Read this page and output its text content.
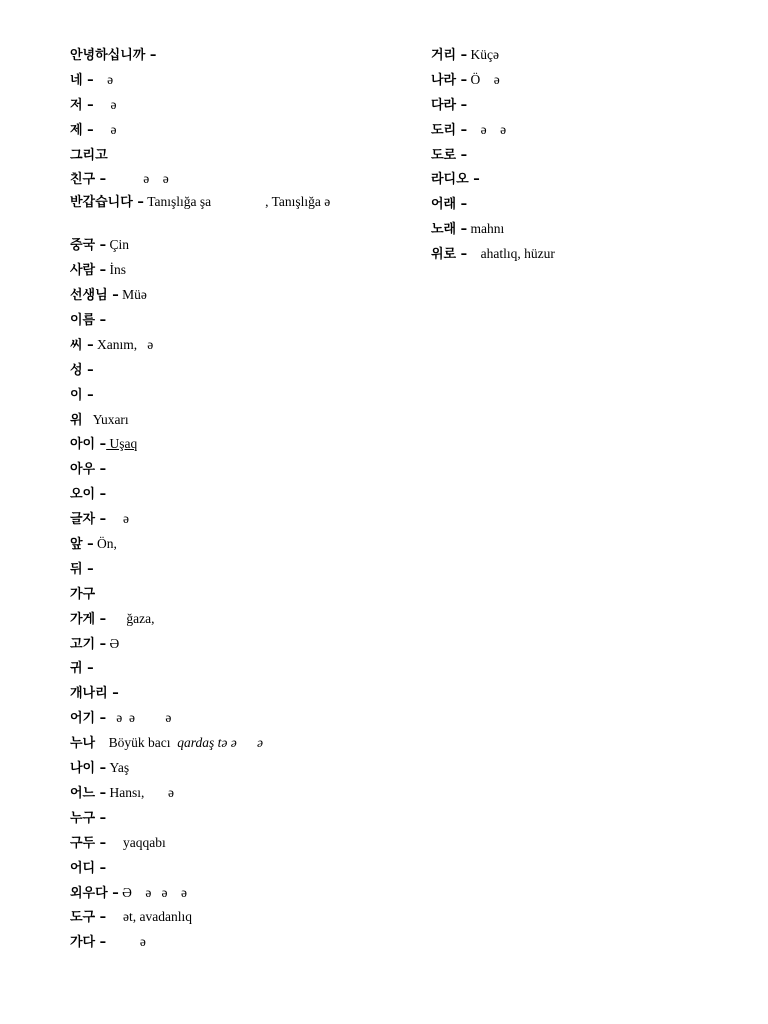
안녕하십니까 –
네 –    ə
저 –     ə
제 –     ə
그리고
친구 –           ə    ə
반갑습니다 – Tanışlığa şa                , Tanışlığa ə
중국 – Çin
사람 – İns
선생님 – Müə
이름 –
씨 – Xanım,   ə
성 –
이 –
위   Yuxarı
아이 – Uşaq
아우 –
오이 –
글자 –     ə
앞 – Ön,
뒤 –
가구
가게 –      ğaza,
고기 – Ə
귀 –
개나리 –
어기 –   ə  ə         ə
누나    Böyük bacı  qardaş tə ə      ə
나이 – Yaş
어느 – Hansı,       ə
누구 –
구두 –     yaqqabı
어디 –
외우다 – Ə    ə   ə    ə
도구 –     ət, avadanlıq
가다 –          ə
거리 – Küçə
나라 – Ö    ə
다라 –
도리 –    ə    ə
도로 –
라디오 –
어래 –
노래 – mahnı
위로 –    ahatlıq, hüzur
